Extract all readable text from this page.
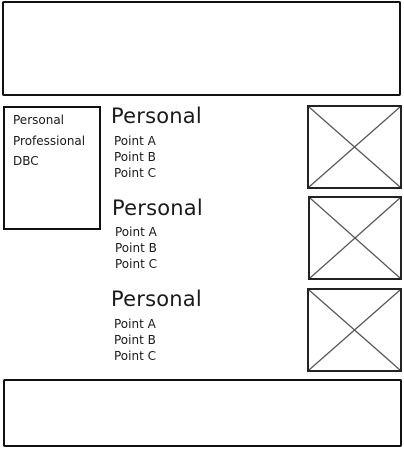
Personal
Professional
DBC
Personal
Point A
Point B
Point C
Personal
Point A
Point B
Point C
Personal
Point A
Point B
Point C
